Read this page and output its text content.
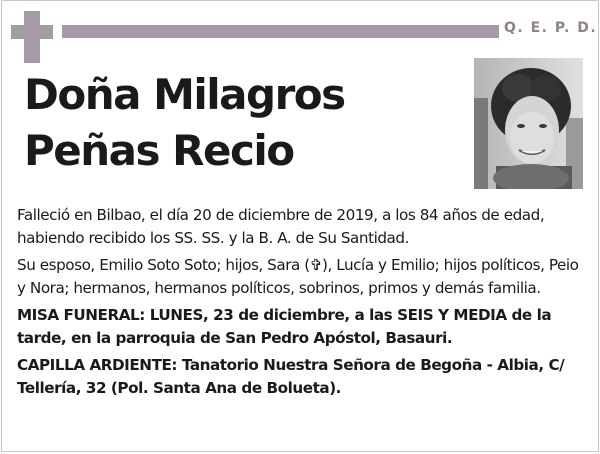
Q. E. P. D.
Doña Milagros
Peñas Recio

Falleció en Bilbao, el día 20 de diciembre de 2019, a los 84 años de edad, habiendo recibido los SS. SS. y la B. A. de Su Santidad.

Su esposo, Emilio Soto Soto; hijos, Sara (✞), Lucía y Emilio; hijos políticos, Peio y Nora; hermanos, hermanos políticos, sobrinos, primos y demás familia.

MISA FUNERAL: LUNES, 23 de diciembre, a las SEIS Y MEDIA de la tarde, en la parroquia de San Pedro Apóstol, Basauri.

CAPILLA ARDIENTE: Tanatorio Nuestra Señora de Begoña - Albia, C/ Tellería, 32 (Pol. Santa Ana de Bolueta).
